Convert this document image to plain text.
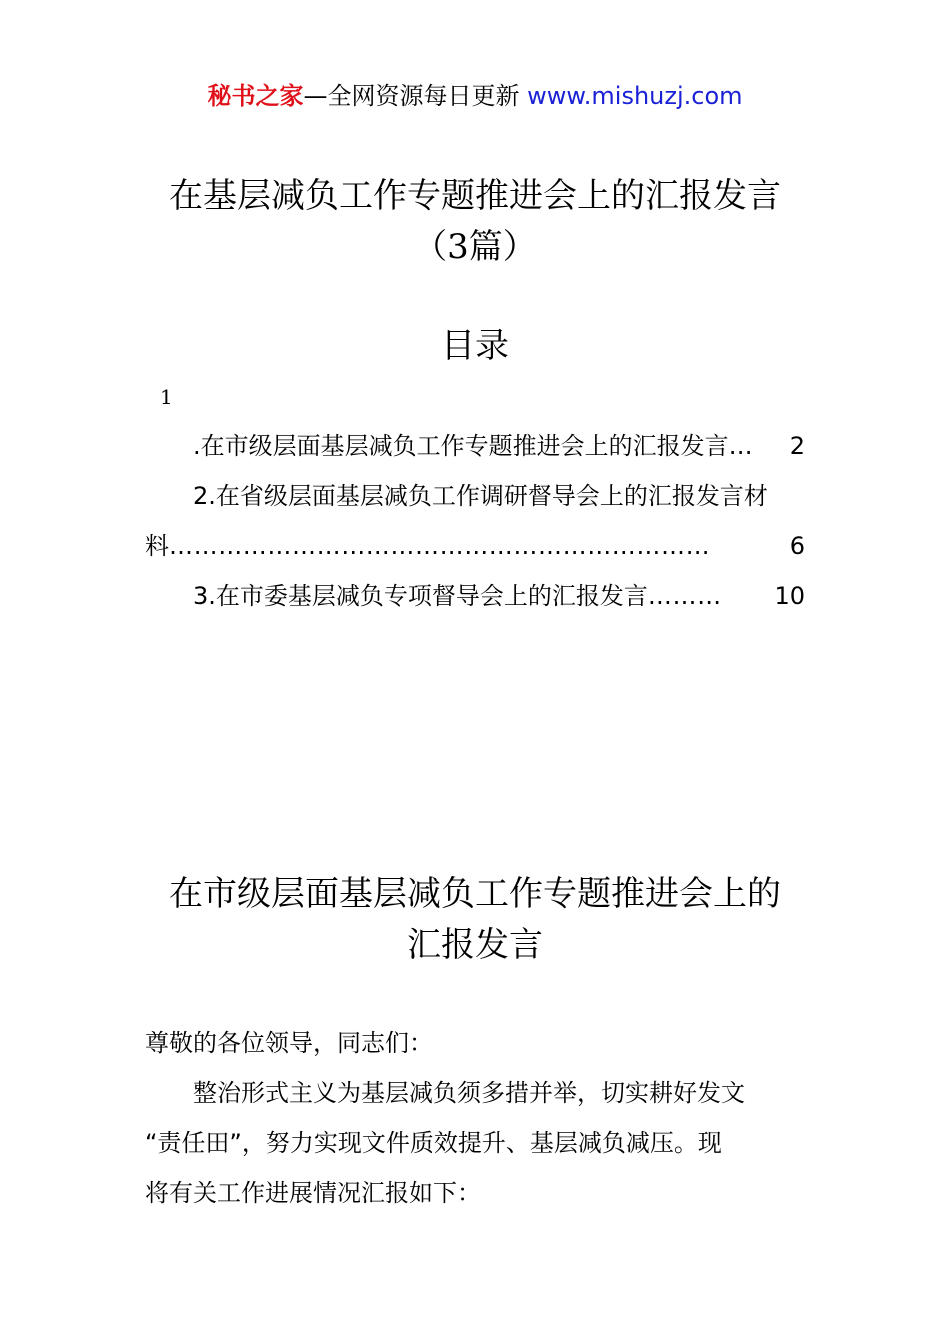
秘书之家—全网资源每日更新 www.mishuzj.com
在基层减负工作专题推进会上的汇报发言
（3篇）
目录
1
.在市级层面基层减负工作专题推进会上的汇报发言 … 2
2.在省级层面基层减负工作调研督导会上的汇报发言材
料 …………………………………………………………	6
3.在市委基层减负专项督导会上的汇报发言 ……… 10
在市级层面基层减负工作专题推进会上的
汇报发言
尊敬的各位领导，同志们：
整治形式主义为基层减负须多措并举，切实耕好发文
“责任田”，努力实现文件质效提升、基层减负减压。现
将有关工作进展情况汇报如下：
